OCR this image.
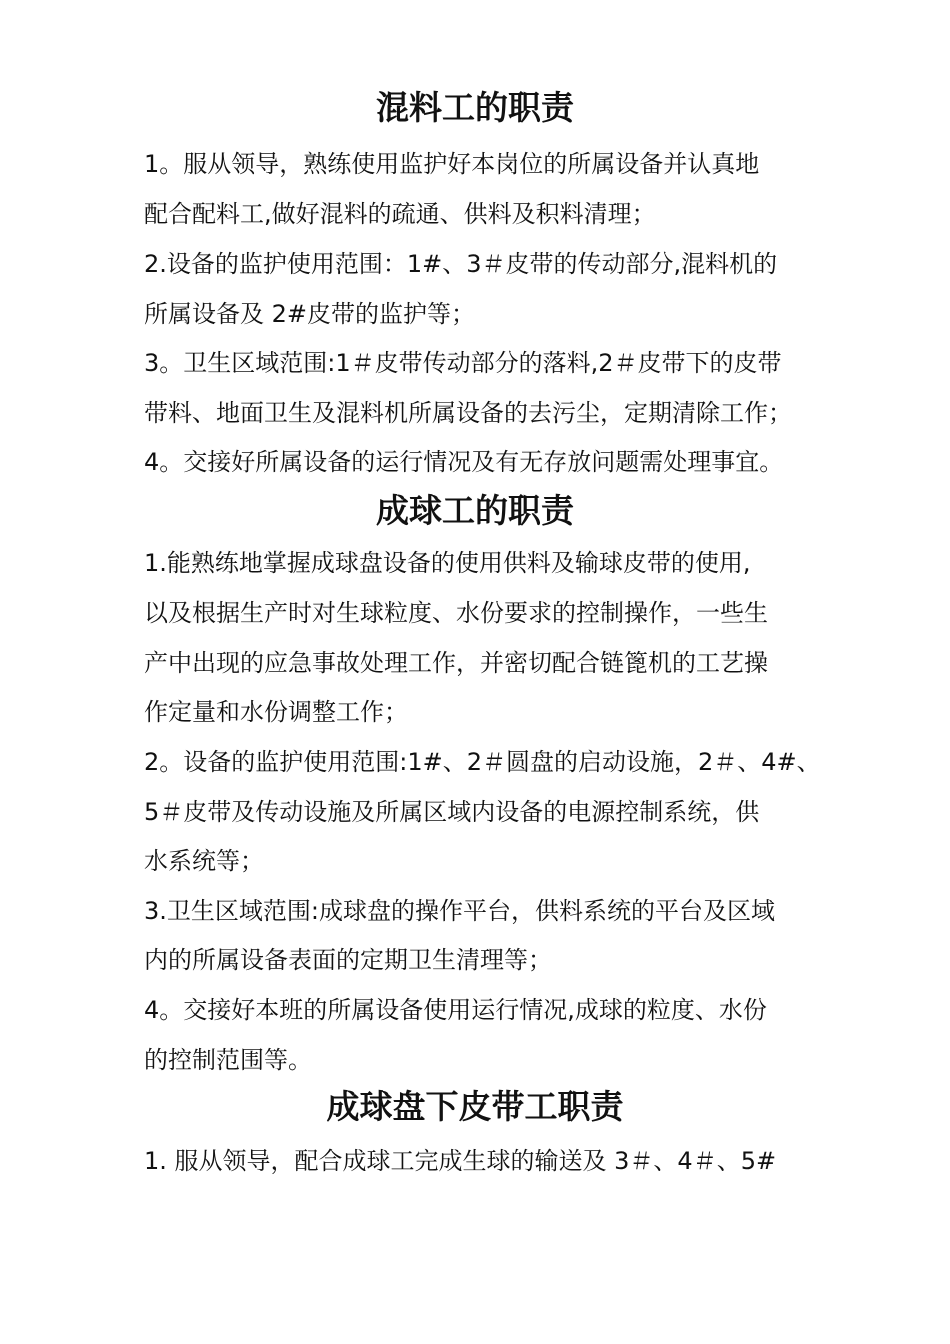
混料工的职责
1。服从领导，熟练使用监护好本岗位的所属设备并认真地
配合配料工,做好混料的疏通、供料及积料清理；
2.设备的监护使用范围：1#、3＃皮带的传动部分,混料机的
所属设备及 2#皮带的监护等；
3。卫生区域范围:1＃皮带传动部分的落料,2＃皮带下的皮带
带料、地面卫生及混料机所属设备的去污尘，定期清除工作；
4。交接好所属设备的运行情况及有无存放问题需处理事宜。
成球工的职责
1.能熟练地掌握成球盘设备的使用供料及输球皮带的使用,
以及根据生产时对生球粒度、水份要求的控制操作，一些生
产中出现的应急事故处理工作，并密切配合链篦机的工艺操
作定量和水份调整工作；
2。设备的监护使用范围:1#、2＃圆盘的启动设施，2＃、4#、
5＃皮带及传动设施及所属区域内设备的电源控制系统，供
水系统等；
3.卫生区域范围:成球盘的操作平台，供料系统的平台及区域
内的所属设备表面的定期卫生清理等；
4。交接好本班的所属设备使用运行情况,成球的粒度、水份
的控制范围等。
成球盘下皮带工职责
1. 服从领导，配合成球工完成生球的输送及 3＃、4＃、5#
